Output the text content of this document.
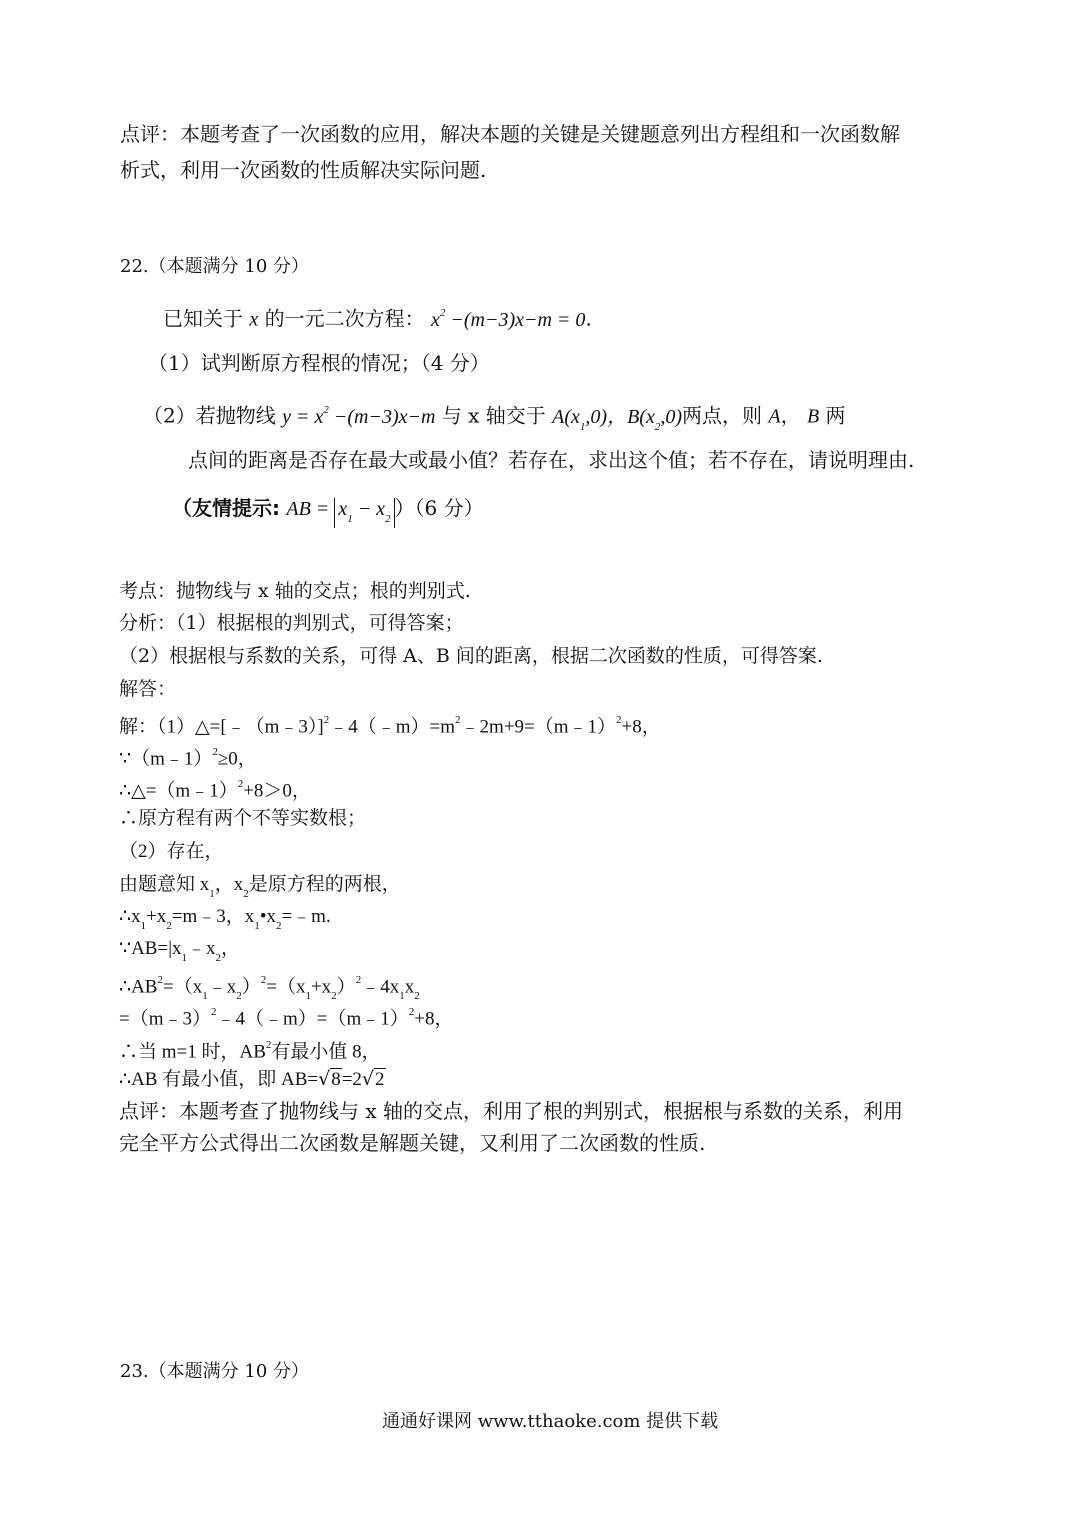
点评：本题考查了一次函数的应用，解决本题的关键是关键题意列出方程组和一次函数解
析式，利用一次函数的性质解决实际问题.
22.（本题满分 10 分）
已知关于 x 的一元二次方程： $x^2 -(m-3)x-m = 0$.
（1）试判断原方程根的情况；（4 分）
（2）若抛物线 $y = x^2 -(m-3)x-m$ 与 x 轴交于 $A(x_1,0)$，$B(x_2,0)$两点，则 A， B 两
点间的距离是否存在最大或最小值？若存在，求出这个值；若不存在，请说明理由.
（友情提示: AB = $x_1 - x_2$ ）（6 分）
考点：抛物线与 x 轴的交点；根的判别式.
分析：（1）根据根的判别式，可得答案；
（2）根据根与系数的关系，可得 A、B 间的距离，根据二次函数的性质，可得答案.
解答：
解：$(1)\triangle=[﹣(m﹣3)]^2﹣4(﹣m)=m^2﹣2m+9=(m﹣1)^2+8$，
∵（m﹣1）$^2$≥0，
∴△=（m﹣1）$^2$+8＞0，
∴原方程有两个不等实数根；
（2）存在，
由题意知 $x_1$，$x_2$是原方程的两根，
$\therefore x_1+x_2=m﹣3$，$x_1•x_2=﹣m$.
$\because AB=|x_1﹣x_2$，
$\therefore AB^2=(x_1﹣x_2)^2=(x_1+x_2)^2﹣4x_1x_2$
=（m﹣3）$^2$﹣4（﹣m）=（m﹣1）$^2$+8，
∴当 m=1 时，$AB^2$有最小值 8，
∴AB 有最小值，即 AB=√8=2√2
点评：本题考查了抛物线与 x 轴的交点，利用了根的判别式，根据根与系数的关系，利用
完全平方公式得出二次函数是解题关键，又利用了二次函数的性质.
23.（本题满分 10 分）
通通好课网 www.tthaoke.com 提供下载
